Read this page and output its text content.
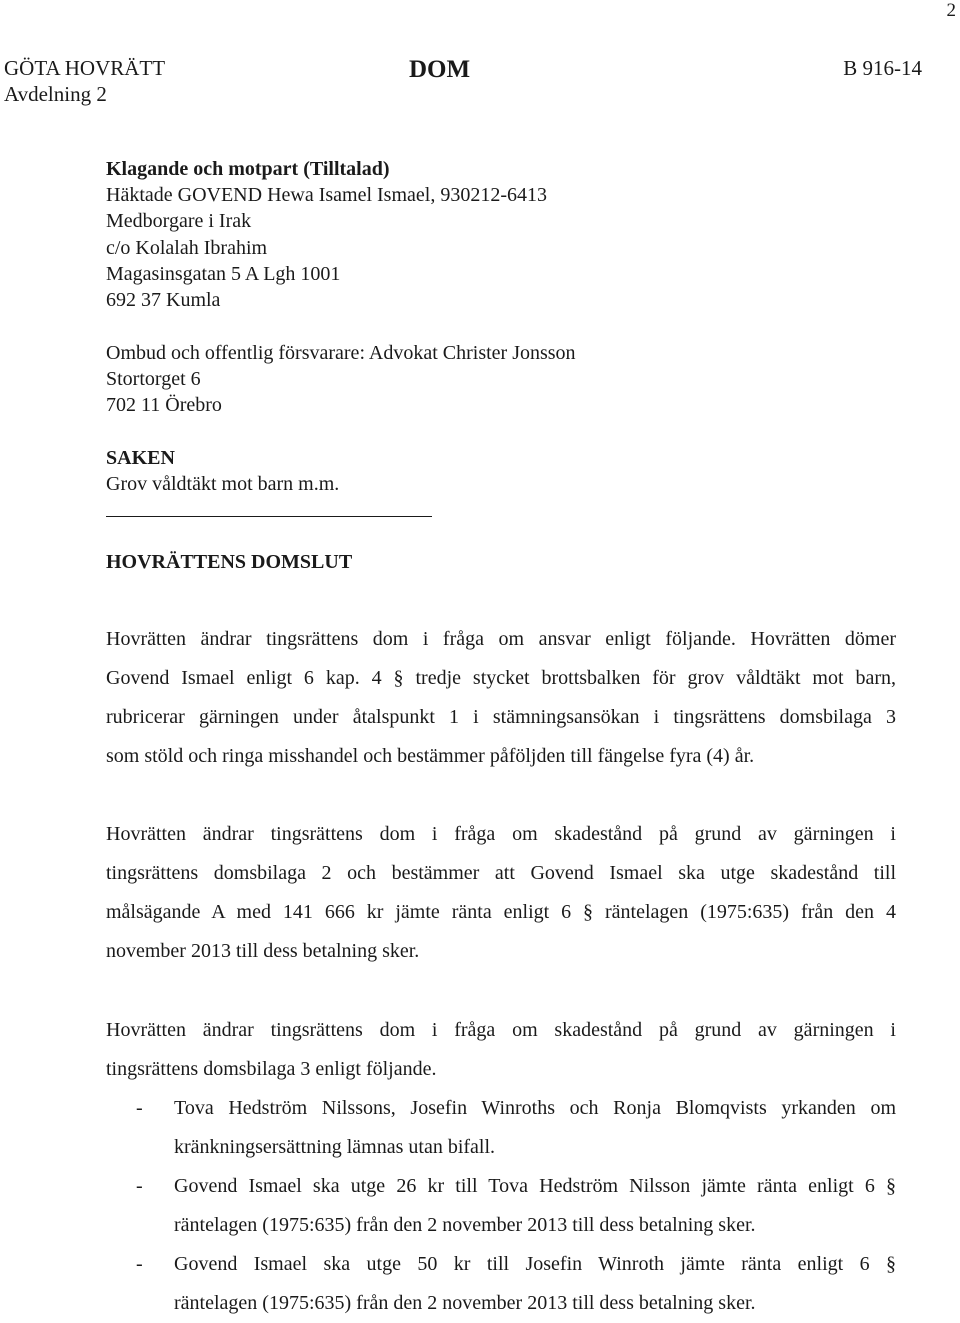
2
GÖTA HOVRÄTT
Avdelning 2
DOM	B 916-14
Klagande och motpart (Tilltalad)
Häktade GOVEND Hewa Isamel Ismael, 930212-6413
Medborgare i Irak
c/o Kolalah Ibrahim
Magasinsgatan 5 A Lgh 1001
692 37 Kumla
Ombud och offentlig försvarare: Advokat Christer Jonsson
Stortorget 6
702 11 Örebro
SAKEN
Grov våldtäkt mot barn m.m.
HOVRÄTTENS DOMSLUT
Hovrätten ändrar tingsrättens dom i fråga om ansvar enligt följande. Hovrätten dömer
Govend Ismael enligt 6 kap. 4 § tredje stycket brottsbalken för grov våldtäkt mot barn,
rubricerar gärningen under åtalspunkt 1 i stämningsansökan i tingsrättens domsbilaga 3
som stöld och ringa misshandel och bestämmer påföljden till fängelse fyra (4) år.
Hovrätten ändrar tingsrättens dom i fråga om skadestånd på grund av gärningen i
tingsrättens domsbilaga 2 och bestämmer att Govend Ismael ska utge skadestånd till
målsägande A med 141 666 kr jämte ränta enligt 6 § räntelagen (1975:635) från den 4
november 2013 till dess betalning sker.
Hovrätten ändrar tingsrättens dom i fråga om skadestånd på grund av gärningen i
tingsrättens domsbilaga 3 enligt följande.
- Tova Hedström Nilssons, Josefin Winroths och Ronja Blomqvists yrkanden om
kränkningsersättning lämnas utan bifall.
- Govend Ismael ska utge 26 kr till Tova Hedström Nilsson jämte ränta enligt 6 §
räntelagen (1975:635) från den 2 november 2013 till dess betalning sker.
- Govend Ismael ska utge 50 kr till Josefin Winroth jämte ränta enligt 6 §
räntelagen (1975:635) från den 2 november 2013 till dess betalning sker.
